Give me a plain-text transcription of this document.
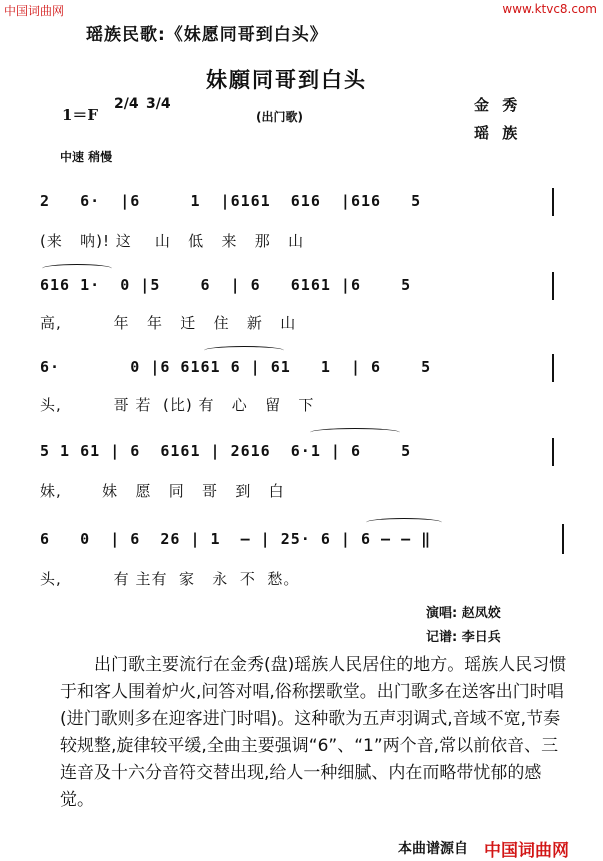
中国词曲网	www.ktvc8.com
瑶族民歌:《妹愿同哥到白头》
妹願同哥到白头
(出门歌)
1＝F
2/4 3/4
中速 稍慢
金 秀
瑶 族
2   6·  |6     1  |6161  616  |616   5
(来   呐)! 这    山   低   来   那   山
616 1·  0 |5    6  | 6   6161 |6    5
高,         年   年   迁   住   新   山
6·       0 |6 6161 6 | 61   1  | 6    5
头,         哥 若  (比) 有   心   留   下
5 1 61 | 6  6161 | 2616  6·1 | 6    5
妹,       妹   愿   同   哥   到   白
6   0  | 6  26 | 1  — | 25· 6 | 6 — — ‖
头,         有 主有  家   永  不  愁。
演唱: 赵凤姣
记谱: 李日兵

出门歌主要流行在金秀(盘)瑶族人民居住的地方。瑶族人民习惯于和客人围着炉火,问答对唱,俗称摆歌堂。出门歌多在送客出门时唱(进门歌则多在迎客进门时唱)。这种歌为五声羽调式,音域不宽,节奏较规整,旋律较平缓,全曲主要强调“6”、“1”两个音,常以前依音、三连音及十六分音符交替出现,给人一种细腻、内在而略带忧郁的感觉。

本曲谱源自 中国词曲网
